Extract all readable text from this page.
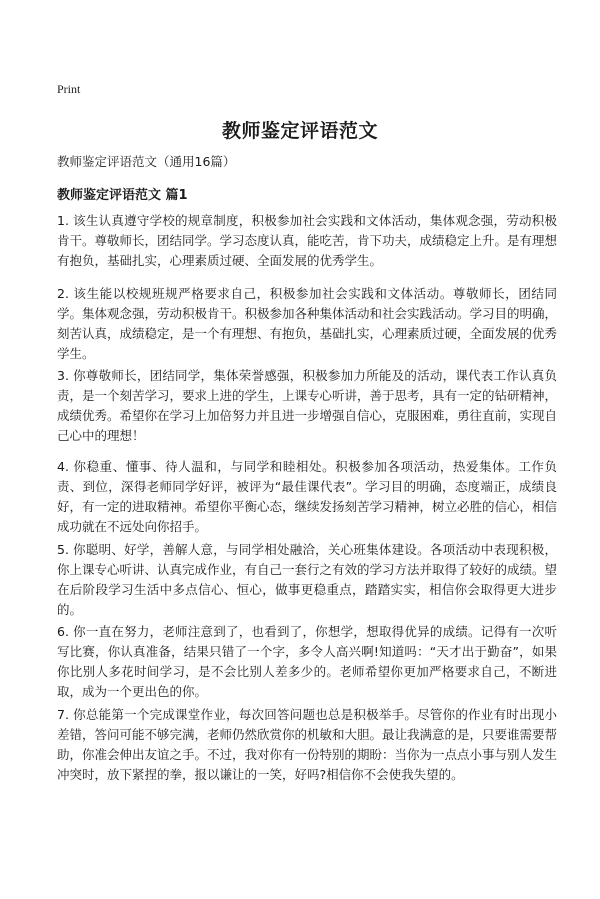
Print
教师鉴定评语范文

教师鉴定评语范文（通用16篇）

教师鉴定评语范文 篇1

1. 该生认真遵守学校的规章制度，积极参加社会实践和文体活动，集体观念强，劳动积极肯干。尊敬师长，团结同学。学习态度认真，能吃苦，肯下功夫，成绩稳定上升。是有理想有抱负，基础扎实，心理素质过硬、全面发展的优秀学生。

2. 该生能以校规班规严格要求自己，积极参加社会实践和文体活动。尊敬师长，团结同学。集体观念强，劳动积极肯干。积极参加各种集体活动和社会实践活动。学习目的明确，刻苦认真，成绩稳定，是一个有理想、有抱负，基础扎实，心理素质过硬，全面发展的优秀学生。

3. 你尊敬师长，团结同学，集体荣誉感强，积极参加力所能及的活动，课代表工作认真负责，是一个刻苦学习，要求上进的学生，上课专心听讲，善于思考，具有一定的钻研精神，成绩优秀。希望你在学习上加倍努力并且进一步增强自信心，克服困难，勇往直前，实现自己心中的理想！

4. 你稳重、懂事、待人温和，与同学和睦相处。积极参加各项活动，热爱集体。工作负责、到位，深得老师同学好评，被评为“最佳课代表”。学习目的明确，态度端正，成绩良好，有一定的进取精神。希望你平衡心态，继续发扬刻苦学习精神，树立必胜的信心，相信成功就在不远处向你招手。

5. 你聪明、好学，善解人意，与同学相处融洽，关心班集体建设。各项活动中表现积极，你上课专心听讲、认真完成作业，有自己一套行之有效的学习方法并取得了较好的成绩。望在后阶段学习生活中多点信心、恒心，做事更稳重点，踏踏实实，相信你会取得更大进步的。

6. 你一直在努力，老师注意到了，也看到了，你想学，想取得优异的成绩。记得有一次听写比赛，你认真准备，结果只错了一个字，多令人高兴啊!知道吗：“天才出于勤奋”，如果你比别人多花时间学习，是不会比别人差多少的。老师希望你更加严格要求自己，不断进取，成为一个更出色的你。

7. 你总能第一个完成课堂作业，每次回答问题也总是积极举手。尽管你的作业有时出现小差错，答问可能不够完满，老师仍然欣赏你的机敏和大胆。最让我满意的是，只要谁需要帮助，你准会伸出友谊之手。不过，我对你有一份特别的期盼：当你为一点点小事与别人发生冲突时，放下紧捏的拳，报以谦让的一笑，好吗?相信你不会使我失望的。
